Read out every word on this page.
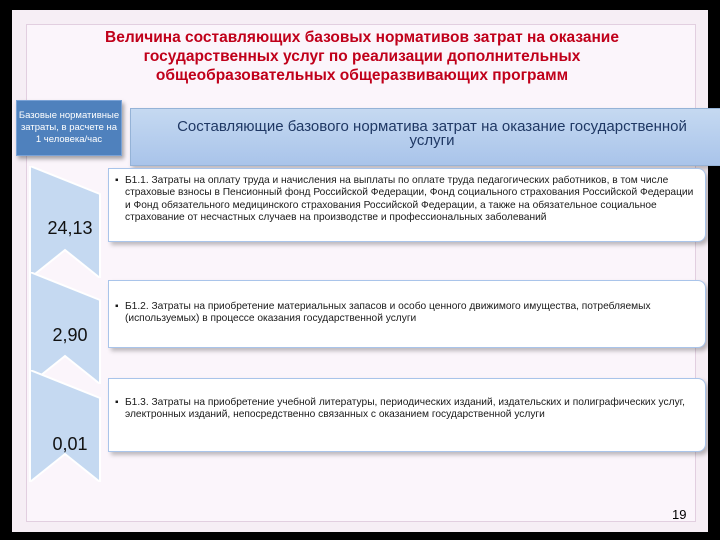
Величина составляющих базовых нормативов затрат на оказание государственных услуг по реализации дополнительных общеобразовательных общеразвивающих программ
Составляющие базового норматива затрат на оказание государственной услуги
24,13
2,90
0,01
▪ Б1.1. Затраты на оплату труда и начисления на выплаты по оплате труда педагогических работников, в том числе страховые взносы в Пенсионный фонд Российской Федерации, Фонд социального страхования Российской Федерации и Фонд обязательного медицинского страхования Российской Федерации, а также на обязательное социальное страхование от несчастных случаев на производстве и профессиональных заболеваний
▪ Б1.2. Затраты на приобретение материальных запасов и особо ценного движимого имущества, потребляемых (используемых) в процессе оказания государственной услуги
▪ Б1.3. Затраты на приобретение учебной литературы, периодических изданий, издательских и полиграфических услуг, электронных изданий, непосредственно связанных с оказанием государственной услуги
19
Базовые нормативные затраты, в расчете на 1 человека/час
